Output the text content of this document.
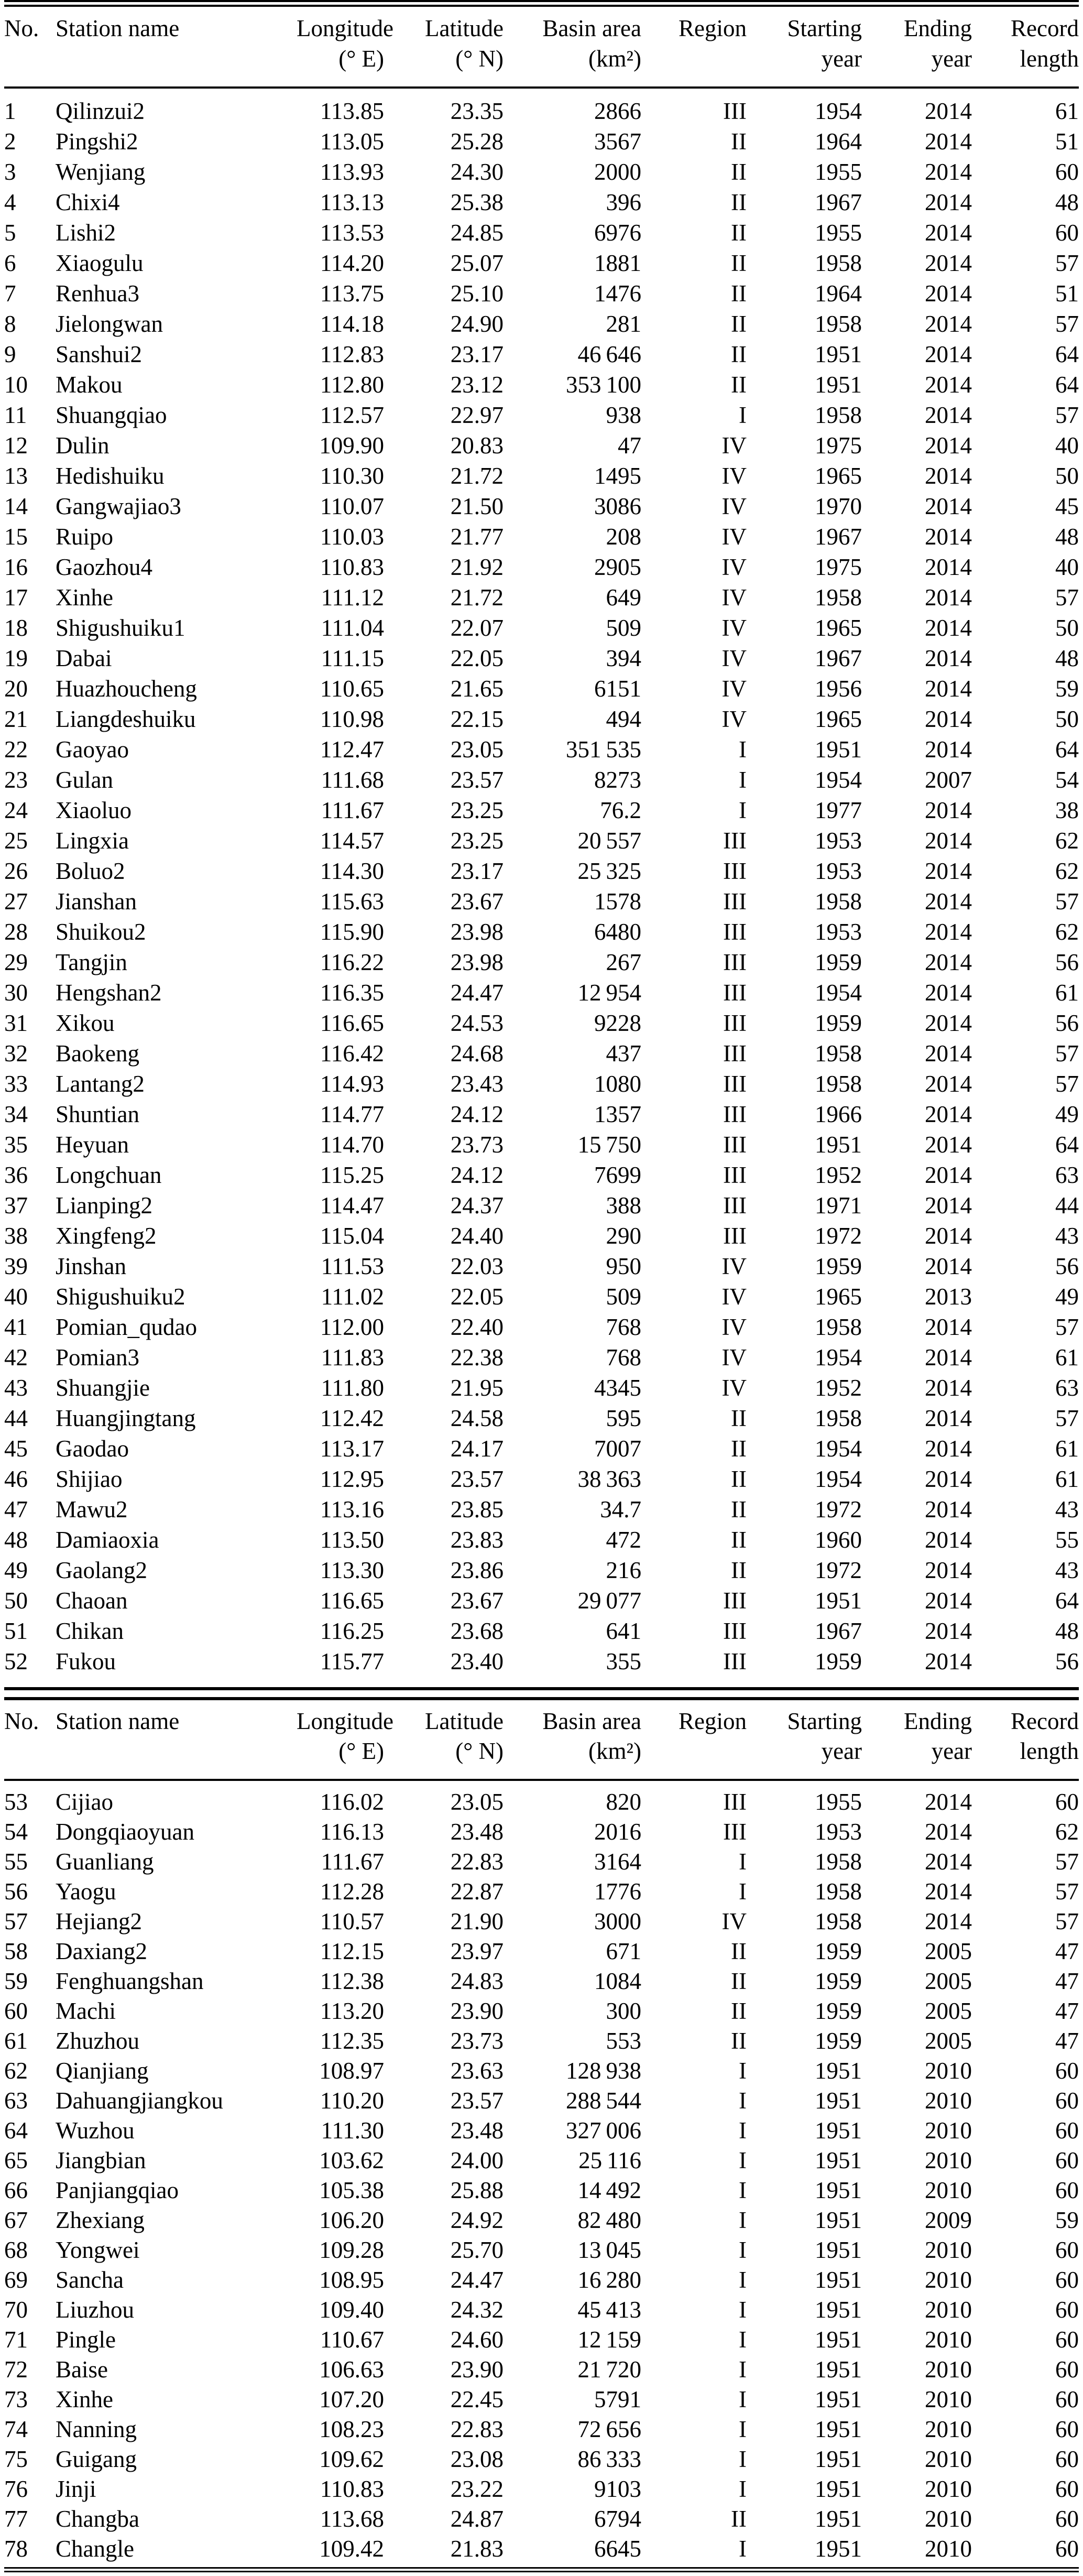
No.	Station name	Longitude	Latitude	Basin area	Region	Starting	Ending	Record
		(° E)	(° N)	(km²)		year	year	length
1	Qilinzui2	113.85	23.35	2866	III	1954	2014	61
2	Pingshi2	113.05	25.28	3567	II	1964	2014	51
3	Wenjiang	113.93	24.30	2000	II	1955	2014	60
4	Chixi4	113.13	25.38	396	II	1967	2014	48
5	Lishi2	113.53	24.85	6976	II	1955	2014	60
6	Xiaogulu	114.20	25.07	1881	II	1958	2014	57
7	Renhua3	113.75	25.10	1476	II	1964	2014	51
8	Jielongwan	114.18	24.90	281	II	1958	2014	57
9	Sanshui2	112.83	23.17	46 646	II	1951	2014	64
10	Makou	112.80	23.12	353 100	II	1951	2014	64
11	Shuangqiao	112.57	22.97	938	I	1958	2014	57
12	Dulin	109.90	20.83	47	IV	1975	2014	40
13	Hedishuiku	110.30	21.72	1495	IV	1965	2014	50
14	Gangwajiao3	110.07	21.50	3086	IV	1970	2014	45
15	Ruipo	110.03	21.77	208	IV	1967	2014	48
16	Gaozhou4	110.83	21.92	2905	IV	1975	2014	40
17	Xinhe	111.12	21.72	649	IV	1958	2014	57
18	Shigushuiku1	111.04	22.07	509	IV	1965	2014	50
19	Dabai	111.15	22.05	394	IV	1967	2014	48
20	Huazhoucheng	110.65	21.65	6151	IV	1956	2014	59
21	Liangdeshuiku	110.98	22.15	494	IV	1965	2014	50
22	Gaoyao	112.47	23.05	351 535	I	1951	2014	64
23	Gulan	111.68	23.57	8273	I	1954	2007	54
24	Xiaoluo	111.67	23.25	76.2	I	1977	2014	38
25	Lingxia	114.57	23.25	20 557	III	1953	2014	62
26	Boluo2	114.30	23.17	25 325	III	1953	2014	62
27	Jianshan	115.63	23.67	1578	III	1958	2014	57
28	Shuikou2	115.90	23.98	6480	III	1953	2014	62
29	Tangjin	116.22	23.98	267	III	1959	2014	56
30	Hengshan2	116.35	24.47	12 954	III	1954	2014	61
31	Xikou	116.65	24.53	9228	III	1959	2014	56
32	Baokeng	116.42	24.68	437	III	1958	2014	57
33	Lantang2	114.93	23.43	1080	III	1958	2014	57
34	Shuntian	114.77	24.12	1357	III	1966	2014	49
35	Heyuan	114.70	23.73	15 750	III	1951	2014	64
36	Longchuan	115.25	24.12	7699	III	1952	2014	63
37	Lianping2	114.47	24.37	388	III	1971	2014	44
38	Xingfeng2	115.04	24.40	290	III	1972	2014	43
39	Jinshan	111.53	22.03	950	IV	1959	2014	56
40	Shigushuiku2	111.02	22.05	509	IV	1965	2013	49
41	Pomian_qudao	112.00	22.40	768	IV	1958	2014	57
42	Pomian3	111.83	22.38	768	IV	1954	2014	61
43	Shuangjie	111.80	21.95	4345	IV	1952	2014	63
44	Huangjingtang	112.42	24.58	595	II	1958	2014	57
45	Gaodao	113.17	24.17	7007	II	1954	2014	61
46	Shijiao	112.95	23.57	38 363	II	1954	2014	61
47	Mawu2	113.16	23.85	34.7	II	1972	2014	43
48	Damiaoxia	113.50	23.83	472	II	1960	2014	55
49	Gaolang2	113.30	23.86	216	II	1972	2014	43
50	Chaoan	116.65	23.67	29 077	III	1951	2014	64
51	Chikan	116.25	23.68	641	III	1967	2014	48
52	Fukou	115.77	23.40	355	III	1959	2014	56
No.	Station name	Longitude	Latitude	Basin area	Region	Starting	Ending	Record
		(° E)	(° N)	(km²)		year	year	length
53	Cijiao	116.02	23.05	820	III	1955	2014	60
54	Dongqiaoyuan	116.13	23.48	2016	III	1953	2014	62
55	Guanliang	111.67	22.83	3164	I	1958	2014	57
56	Yaogu	112.28	22.87	1776	I	1958	2014	57
57	Hejiang2	110.57	21.90	3000	IV	1958	2014	57
58	Daxiang2	112.15	23.97	671	II	1959	2005	47
59	Fenghuangshan	112.38	24.83	1084	II	1959	2005	47
60	Machi	113.20	23.90	300	II	1959	2005	47
61	Zhuzhou	112.35	23.73	553	II	1959	2005	47
62	Qianjiang	108.97	23.63	128 938	I	1951	2010	60
63	Dahuangjiangkou	110.20	23.57	288 544	I	1951	2010	60
64	Wuzhou	111.30	23.48	327 006	I	1951	2010	60
65	Jiangbian	103.62	24.00	25 116	I	1951	2010	60
66	Panjiangqiao	105.38	25.88	14 492	I	1951	2010	60
67	Zhexiang	106.20	24.92	82 480	I	1951	2009	59
68	Yongwei	109.28	25.70	13 045	I	1951	2010	60
69	Sancha	108.95	24.47	16 280	I	1951	2010	60
70	Liuzhou	109.40	24.32	45 413	I	1951	2010	60
71	Pingle	110.67	24.60	12 159	I	1951	2010	60
72	Baise	106.63	23.90	21 720	I	1951	2010	60
73	Xinhe	107.20	22.45	5791	I	1951	2010	60
74	Nanning	108.23	22.83	72 656	I	1951	2010	60
75	Guigang	109.62	23.08	86 333	I	1951	2010	60
76	Jinji	110.83	23.22	9103	I	1951	2010	60
77	Changba	113.68	24.87	6794	II	1951	2010	60
78	Changle	109.42	21.83	6645	I	1951	2010	60
